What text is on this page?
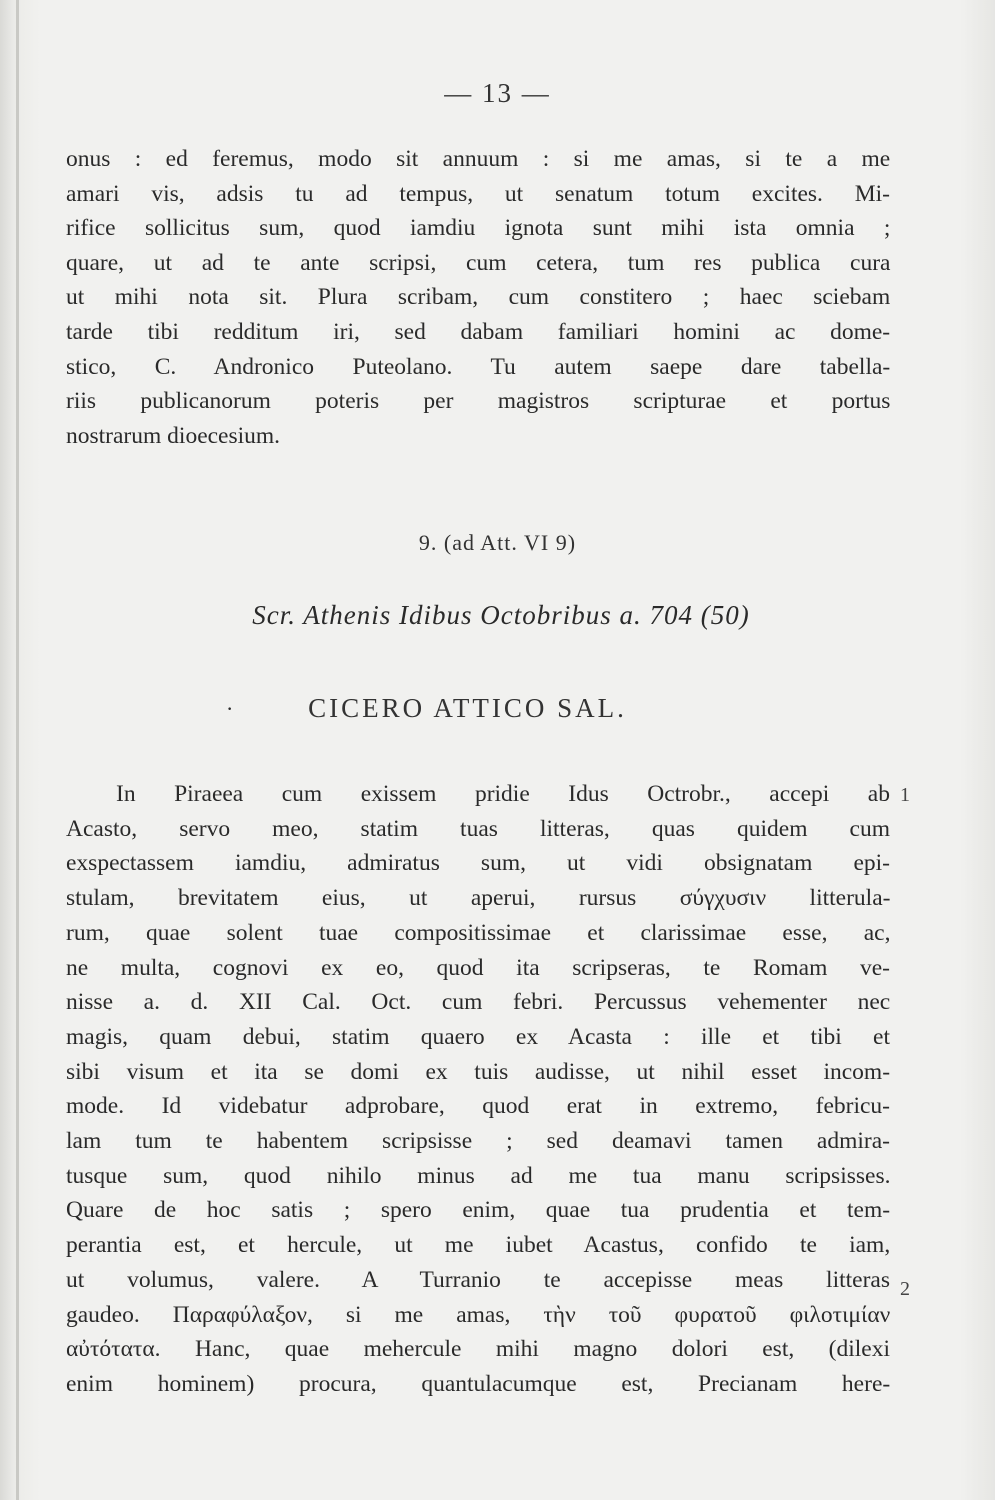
— 13 —
onus : ed feremus, modo sit annuum : si me amas, si te a me
amari vis, adsis tu ad tempus, ut senatum totum excites. Mi-
rifice sollicitus sum, quod iamdiu ignota sunt mihi ista omnia ;
quare, ut ad te ante scripsi, cum cetera, tum res publica cura
ut mihi nota sit. Plura scribam, cum constitero ; haec sciebam
tarde tibi redditum iri, sed dabam familiari homini ac dome-
stico, C. Andronico Puteolano. Tu autem saepe dare tabella-
riis publicanorum poteris per magistros scripturae et portus
nostrarum dioecesium.
9. (ad Att. VI 9)
Scr. Athenis Idibus Octobribus a. 704 (50)
·	CICERO ATTICO SAL.
In Piraeea cum exissem pridie Idus Octrobr., accepi ab
Acasto, servo meo, statim tuas litteras, quas quidem cum
exspectassem iamdiu, admiratus sum, ut vidi obsignatam epi-
stulam, brevitatem eius, ut aperui, rursus σύγχυσιν litterula-
rum, quae solent tuae compositissimae et clarissimae esse, ac,
ne multa, cognovi ex eo, quod ita scripseras, te Romam ve-
nisse a. d. XII Cal. Oct. cum febri. Percussus vehementer nec
magis, quam debui, statim quaero ex Acasta : ille et tibi et
sibi visum et ita se domi ex tuis audisse, ut nihil esset incom-
mode. Id videbatur adprobare, quod erat in extremo, febricu-
lam tum te habentem scripsisse ; sed deamavi tamen admira-
tusque sum, quod nihilo minus ad me tua manu scripsisses.
Quare de hoc satis ; spero enim, quae tua prudentia et tem-
perantia est, et hercule, ut me iubet Acastus, confido te iam,
ut volumus, valere. A Turranio te accepisse meas litteras
gaudeo. Παραφύλαξον, si me amas, τὴν τοῦ φυρατοῦ φιλοτιμίαν
αὐτότατα. Hanc, quae mehercule mihi magno dolori est, (dilexi
enim hominem) procura, quantulacumque est, Precianam here-
1
2
